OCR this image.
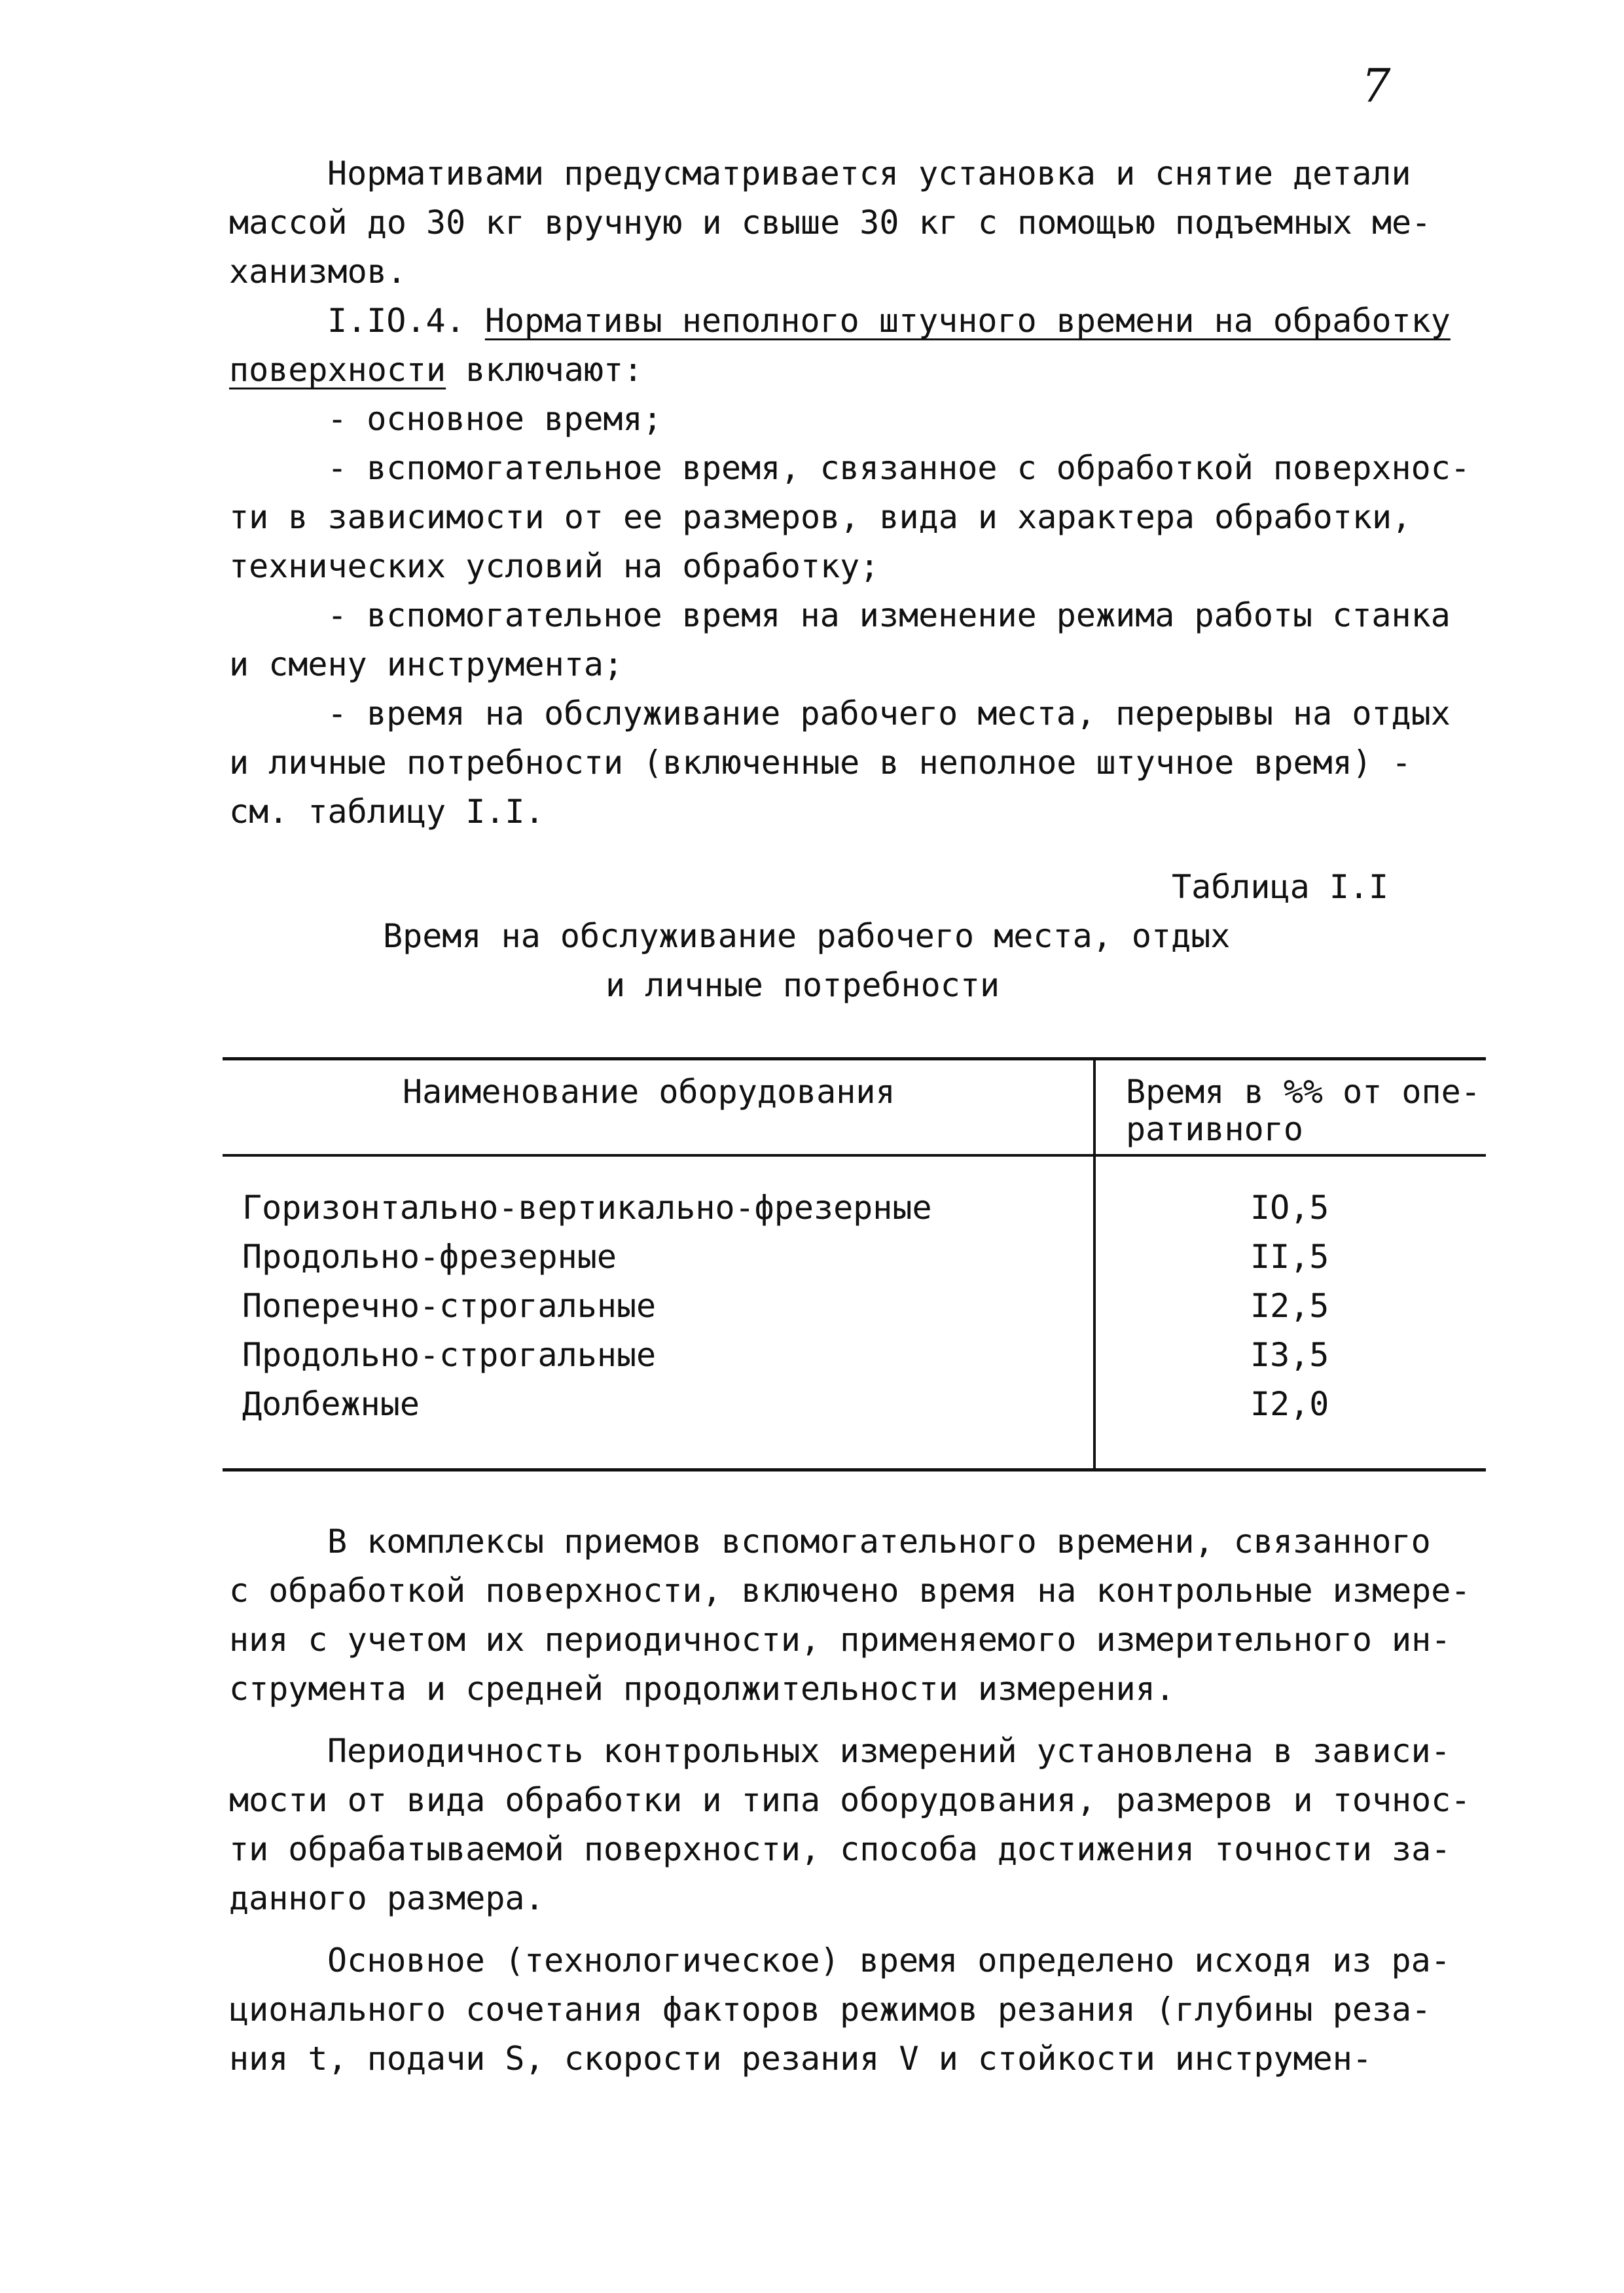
7
Нормативами предусматривается установка и снятие детали
массой до 30 кг вручную и свыше 30 кг с помощью подъемных ме-
ханизмов.
I.IO.4. Нормативы неполного штучного времени на обработку
поверхности включают:
- основное время;
- вспомогательное время, связанное с обработкой поверхнос-
ти в зависимости от ее размеров, вида и характера обработки,
технических условий на обработку;
- вспомогательное время на изменение режима работы станка
и смену инструмента;
- время на обслуживание рабочего места, перерывы на отдых
и личные потребности (включенные в неполное штучное время) -
см. таблицу I.I.
Таблица I.I
Время на обслуживание рабочего места, отдых
и личные потребности
Наименование оборудования	Время в %% от опе-
ративного
Горизонтально-вертикально-фрезерные	IO,5
Продольно-фрезерные	II,5
Поперечно-строгальные	I2,5
Продольно-строгальные	I3,5
Долбежные	I2,0
В комплексы приемов вспомогательного времени, связанного
с обработкой поверхности, включено время на контрольные измере-
ния с учетом их периодичности, применяемого измерительного ин-
струмента и средней продолжительности измерения.
Периодичность контрольных измерений установлена в зависи-
мости от вида обработки и типа оборудования, размеров и точнос-
ти обрабатываемой поверхности, способа достижения точности за-
данного размера.
Основное (технологическое) время определено исходя из ра-
ционального сочетания факторов режимов резания (глубины реза-
ния t, подачи S, скорости резания V и стойкости инструмен-
